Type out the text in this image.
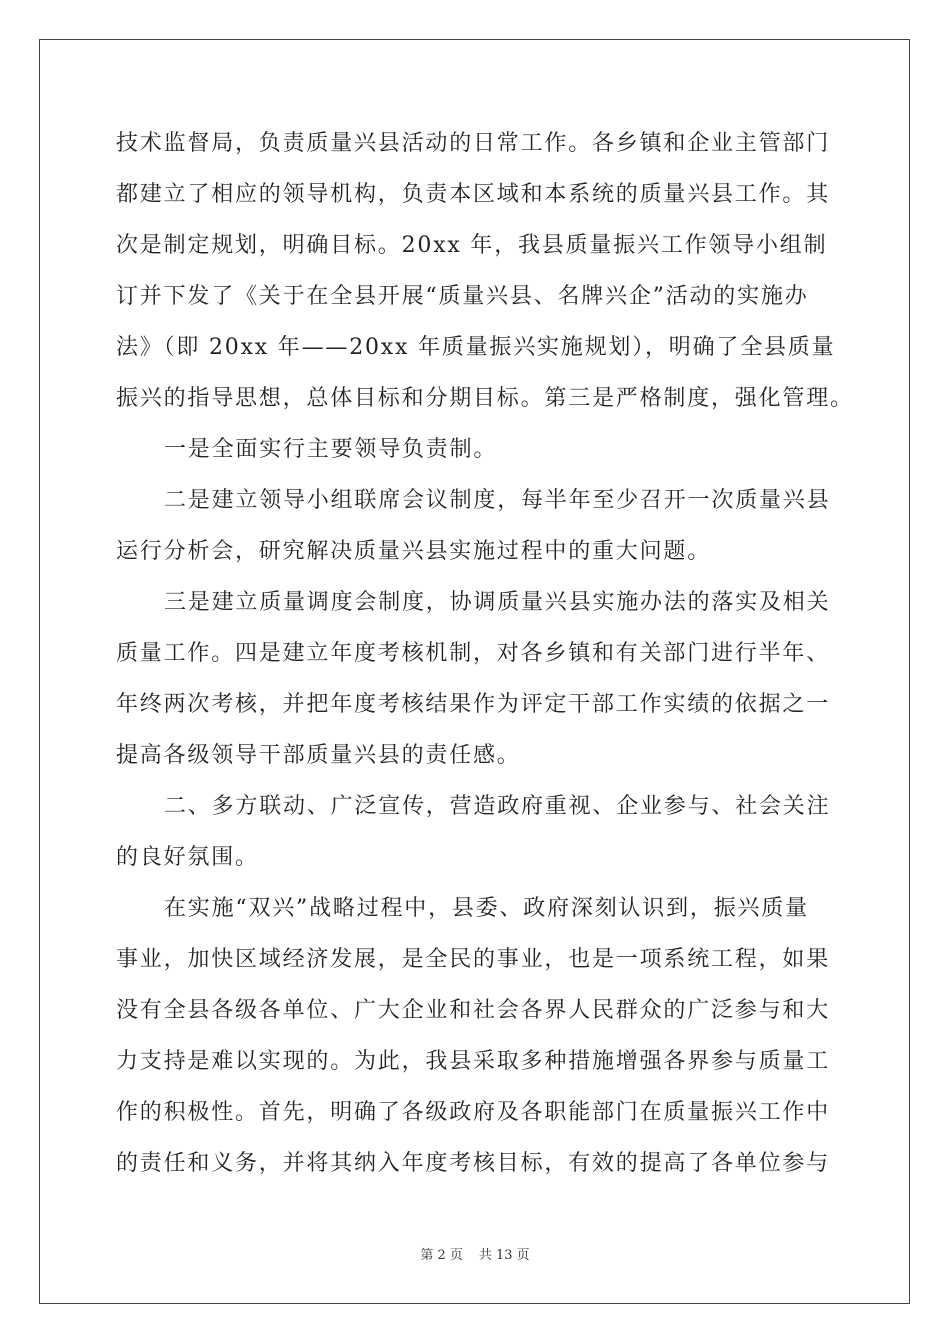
技术监督局，负责质量兴县活动的日常工作。各乡镇和企业主管部门
都建立了相应的领导机构，负责本区域和本系统的质量兴县工作。其
次是制定规划，明确目标。20xx 年，我县质量振兴工作领导小组制
订并下发了《关于在全县开展“质量兴县、名牌兴企”活动的实施办
法》（即 20xx 年——20xx 年质量振兴实施规划），明确了全县质量
振兴的指导思想，总体目标和分期目标。第三是严格制度，强化管理。
一是全面实行主要领导负责制。
二是建立领导小组联席会议制度，每半年至少召开一次质量兴县
运行分析会，研究解决质量兴县实施过程中的重大问题。
三是建立质量调度会制度，协调质量兴县实施办法的落实及相关
质量工作。四是建立年度考核机制，对各乡镇和有关部门进行半年、
年终两次考核，并把年度考核结果作为评定干部工作实绩的依据之一
提高各级领导干部质量兴县的责任感。
二、多方联动、广泛宣传，营造政府重视、企业参与、社会关注
的良好氛围。
在实施“双兴”战略过程中，县委、政府深刻认识到，振兴质量
事业，加快区域经济发展，是全民的事业，也是一项系统工程，如果
没有全县各级各单位、广大企业和社会各界人民群众的广泛参与和大
力支持是难以实现的。为此，我县采取多种措施增强各界参与质量工
作的积极性。首先，明确了各级政府及各职能部门在质量振兴工作中
的责任和义务，并将其纳入年度考核目标，有效的提高了各单位参与
第 2 页 共 13 页
